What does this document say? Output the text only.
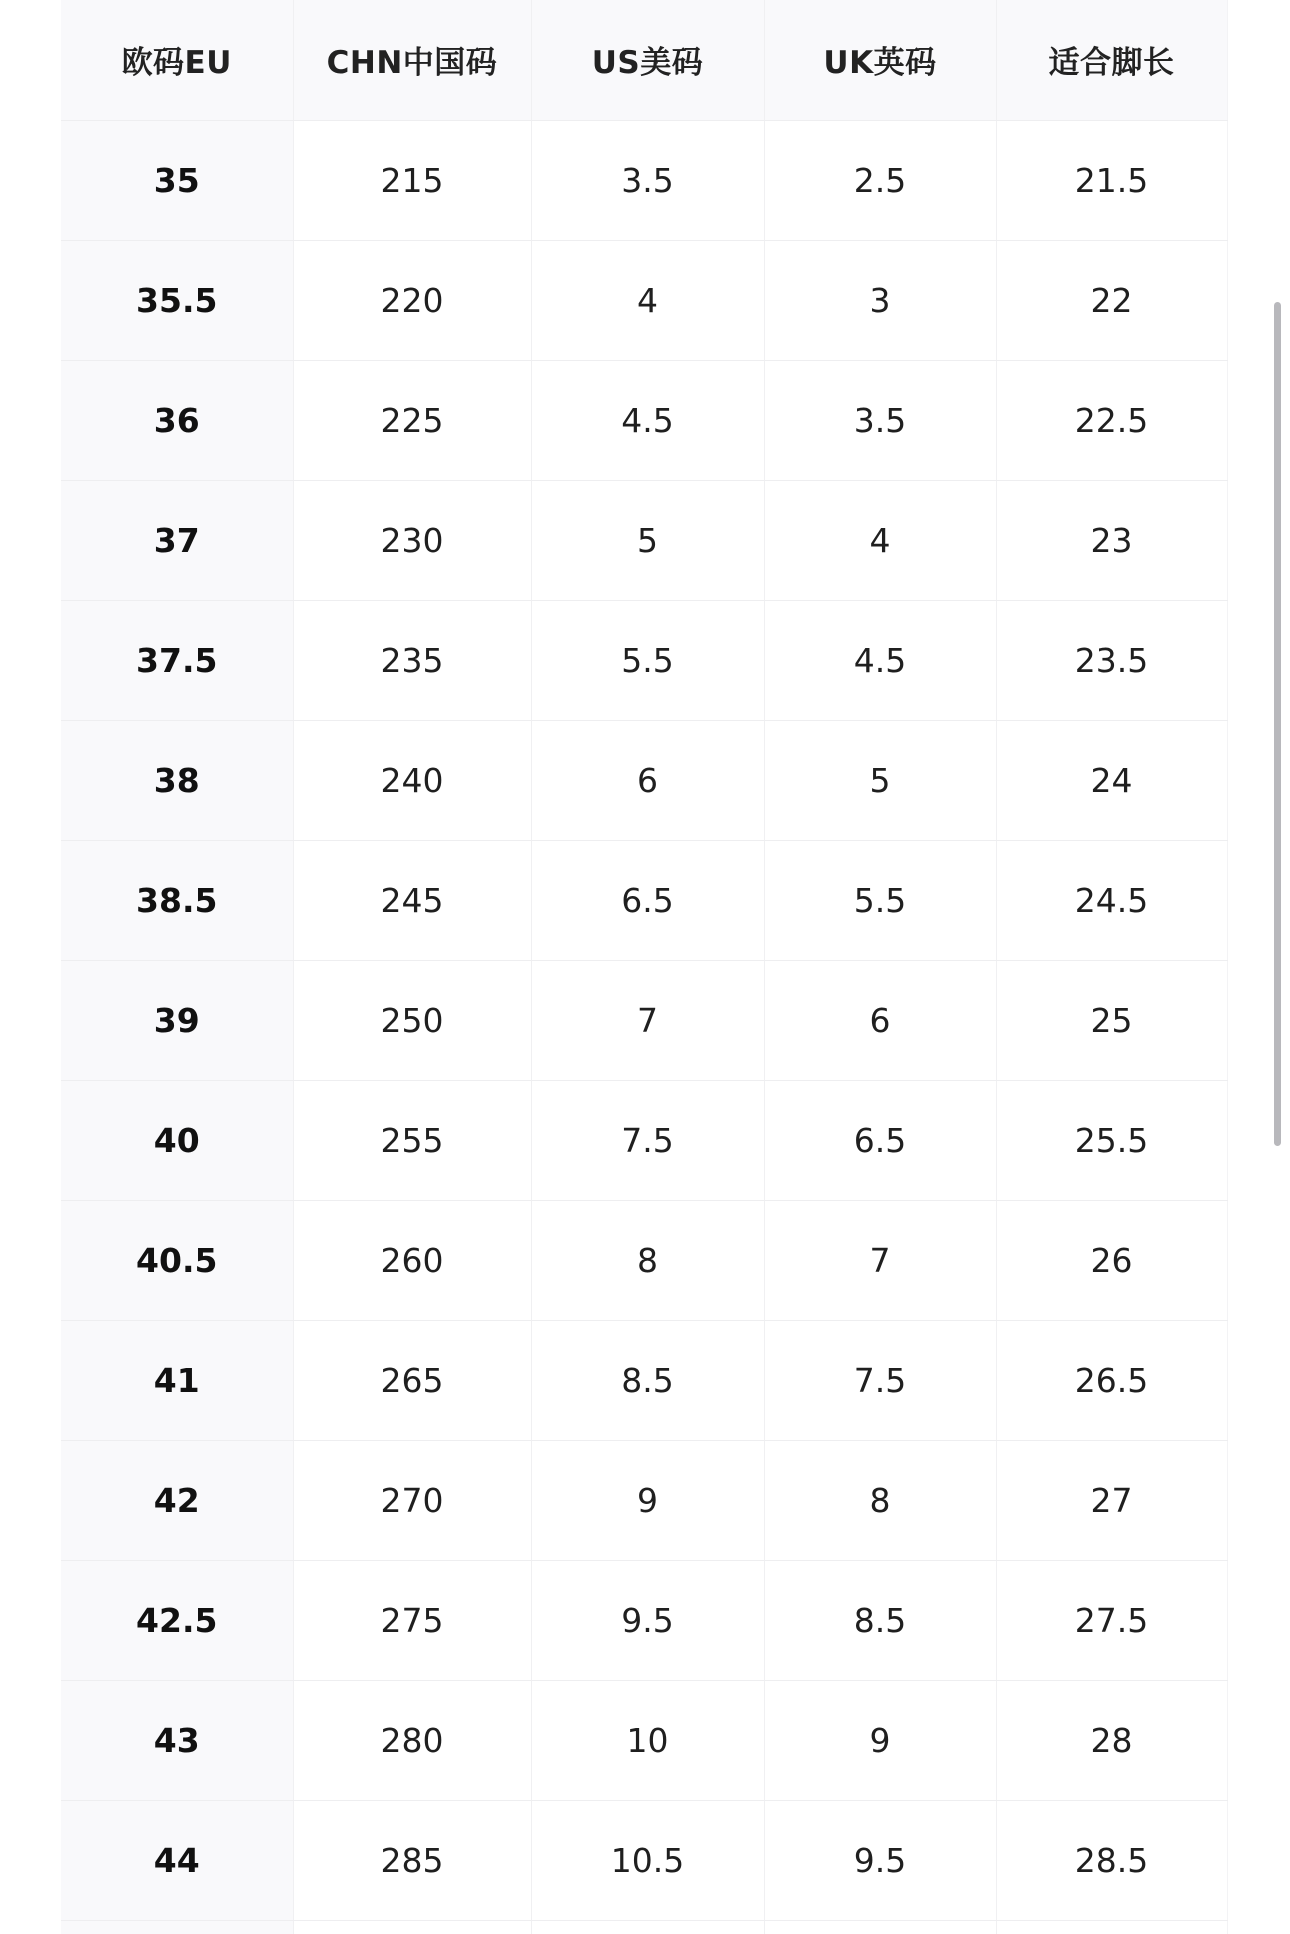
欧码EU	CHN中国码	US美码	UK英码	适合脚长
35	215	3.5	2.5	21.5
35.5	220	4	3	22
36	225	4.5	3.5	22.5
37	230	5	4	23
37.5	235	5.5	4.5	23.5
38	240	6	5	24
38.5	245	6.5	5.5	24.5
39	250	7	6	25
40	255	7.5	6.5	25.5
40.5	260	8	7	26
41	265	8.5	7.5	26.5
42	270	9	8	27
42.5	275	9.5	8.5	27.5
43	280	10	9	28
44	285	10.5	9.5	28.5
